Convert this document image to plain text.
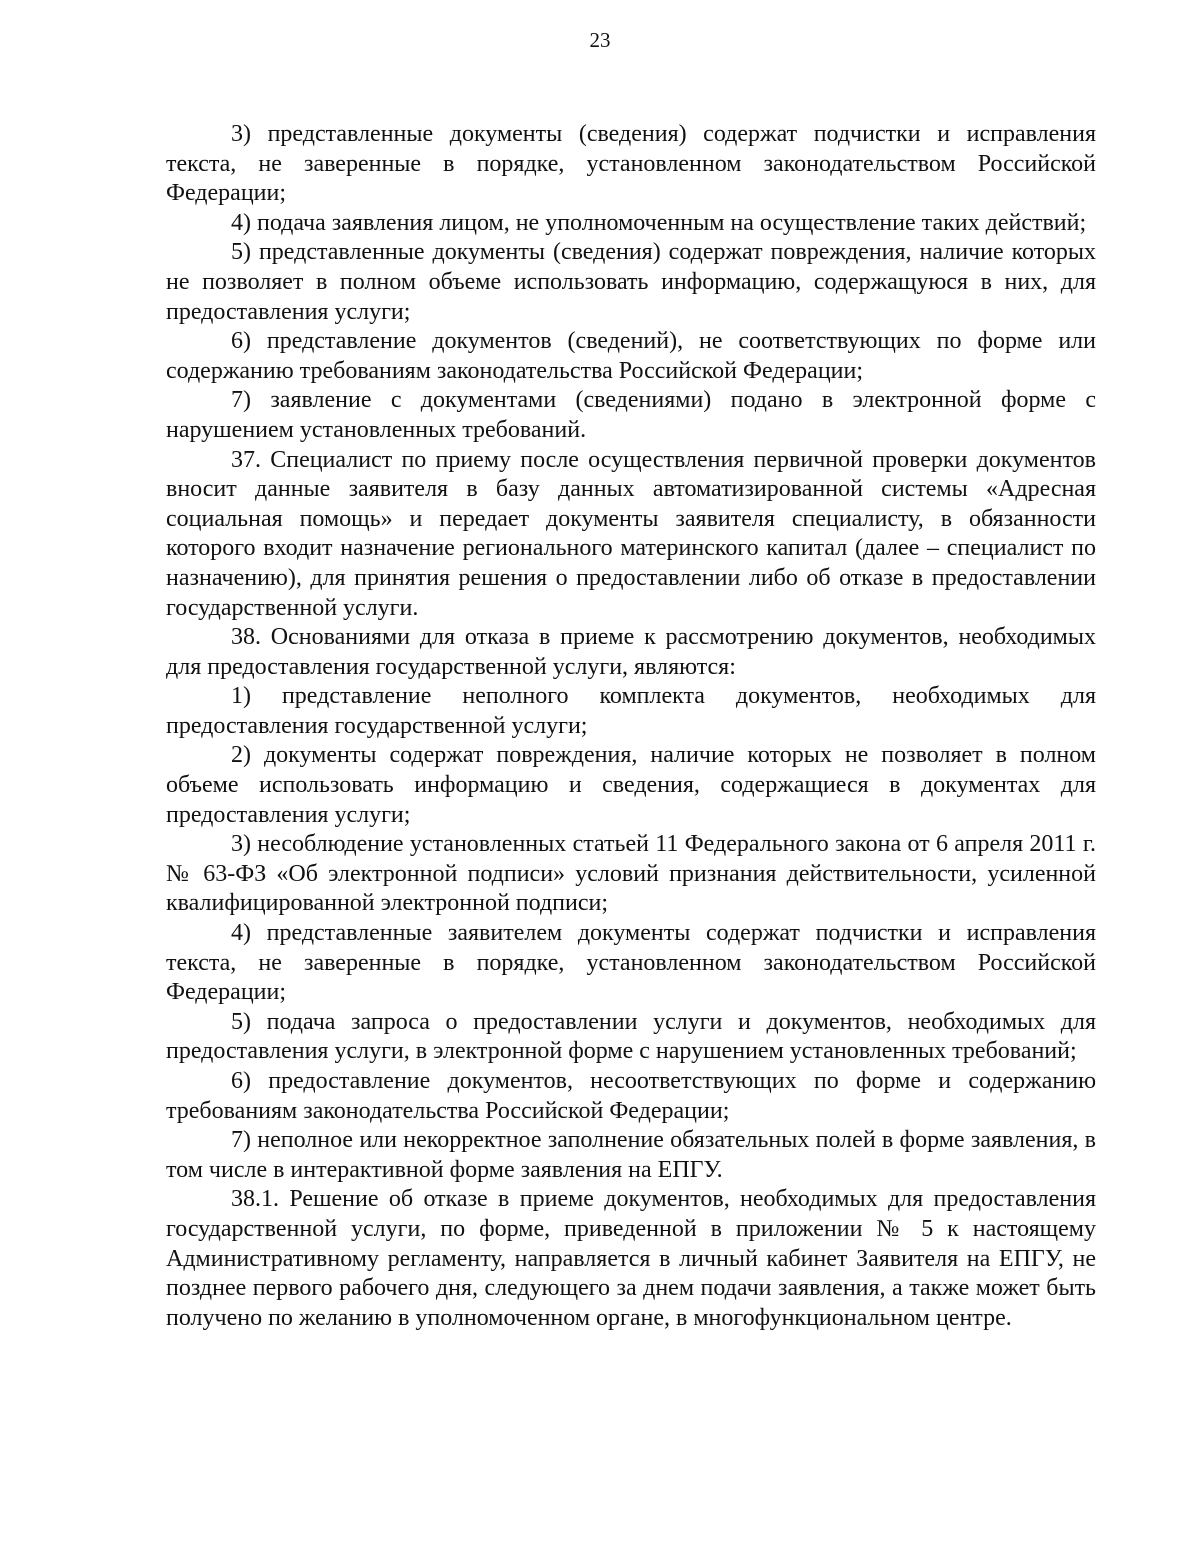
23

3) представленные документы (сведения) содержат подчистки и исправления текста, не заверенные в порядке, установленном законодательством Российской Федерации;

4) подача заявления лицом, не уполномоченным на осуществление таких действий;

5) представленные документы (сведения) содержат повреждения, наличие которых не позволяет в полном объеме использовать информацию, содержащуюся в них, для предоставления услуги;

6) представление документов (сведений), не соответствующих по форме или содержанию требованиям законодательства Российской Федерации;

7) заявление с документами (сведениями) подано в электронной форме с нарушением установленных требований.

37. Специалист по приему после осуществления первичной проверки документов вносит данные заявителя в базу данных автоматизированной системы «Адресная социальная помощь» и передает документы заявителя специалисту, в обязанности которого входит назначение регионального материнского капитал (далее – специалист по назначению), для принятия решения о предоставлении либо об отказе в предоставлении государственной услуги.

38. Основаниями для отказа в приеме к рассмотрению документов, необходимых для предоставления государственной услуги, являются:

1) представление неполного комплекта документов, необходимых для предоставления государственной услуги;

2) документы содержат повреждения, наличие которых не позволяет в полном объеме использовать информацию и сведения, содержащиеся в документах для предоставления услуги;

3) несоблюдение установленных статьей 11 Федерального закона от 6 апреля 2011 г. № 63-ФЗ «Об электронной подписи» условий признания действительности, усиленной квалифицированной электронной подписи;

4) представленные заявителем документы содержат подчистки и исправления текста, не заверенные в порядке, установленном законодательством Российской Федерации;

5) подача запроса о предоставлении услуги и документов, необходимых для предоставления услуги, в электронной форме с нарушением установленных требований;

6) предоставление документов, несоответствующих по форме и содержанию требованиям законодательства Российской Федерации;

7) неполное или некорректное заполнение обязательных полей в форме заявления, в том числе в интерактивной форме заявления на ЕПГУ.

38.1. Решение об отказе в приеме документов, необходимых для предоставления государственной услуги, по форме, приведенной в приложении № 5 к настоящему Административному регламенту, направляется в личный кабинет Заявителя на ЕПГУ, не позднее первого рабочего дня, следующего за днем подачи заявления, а также может быть получено по желанию в уполномоченном органе, в многофункциональном центре.
